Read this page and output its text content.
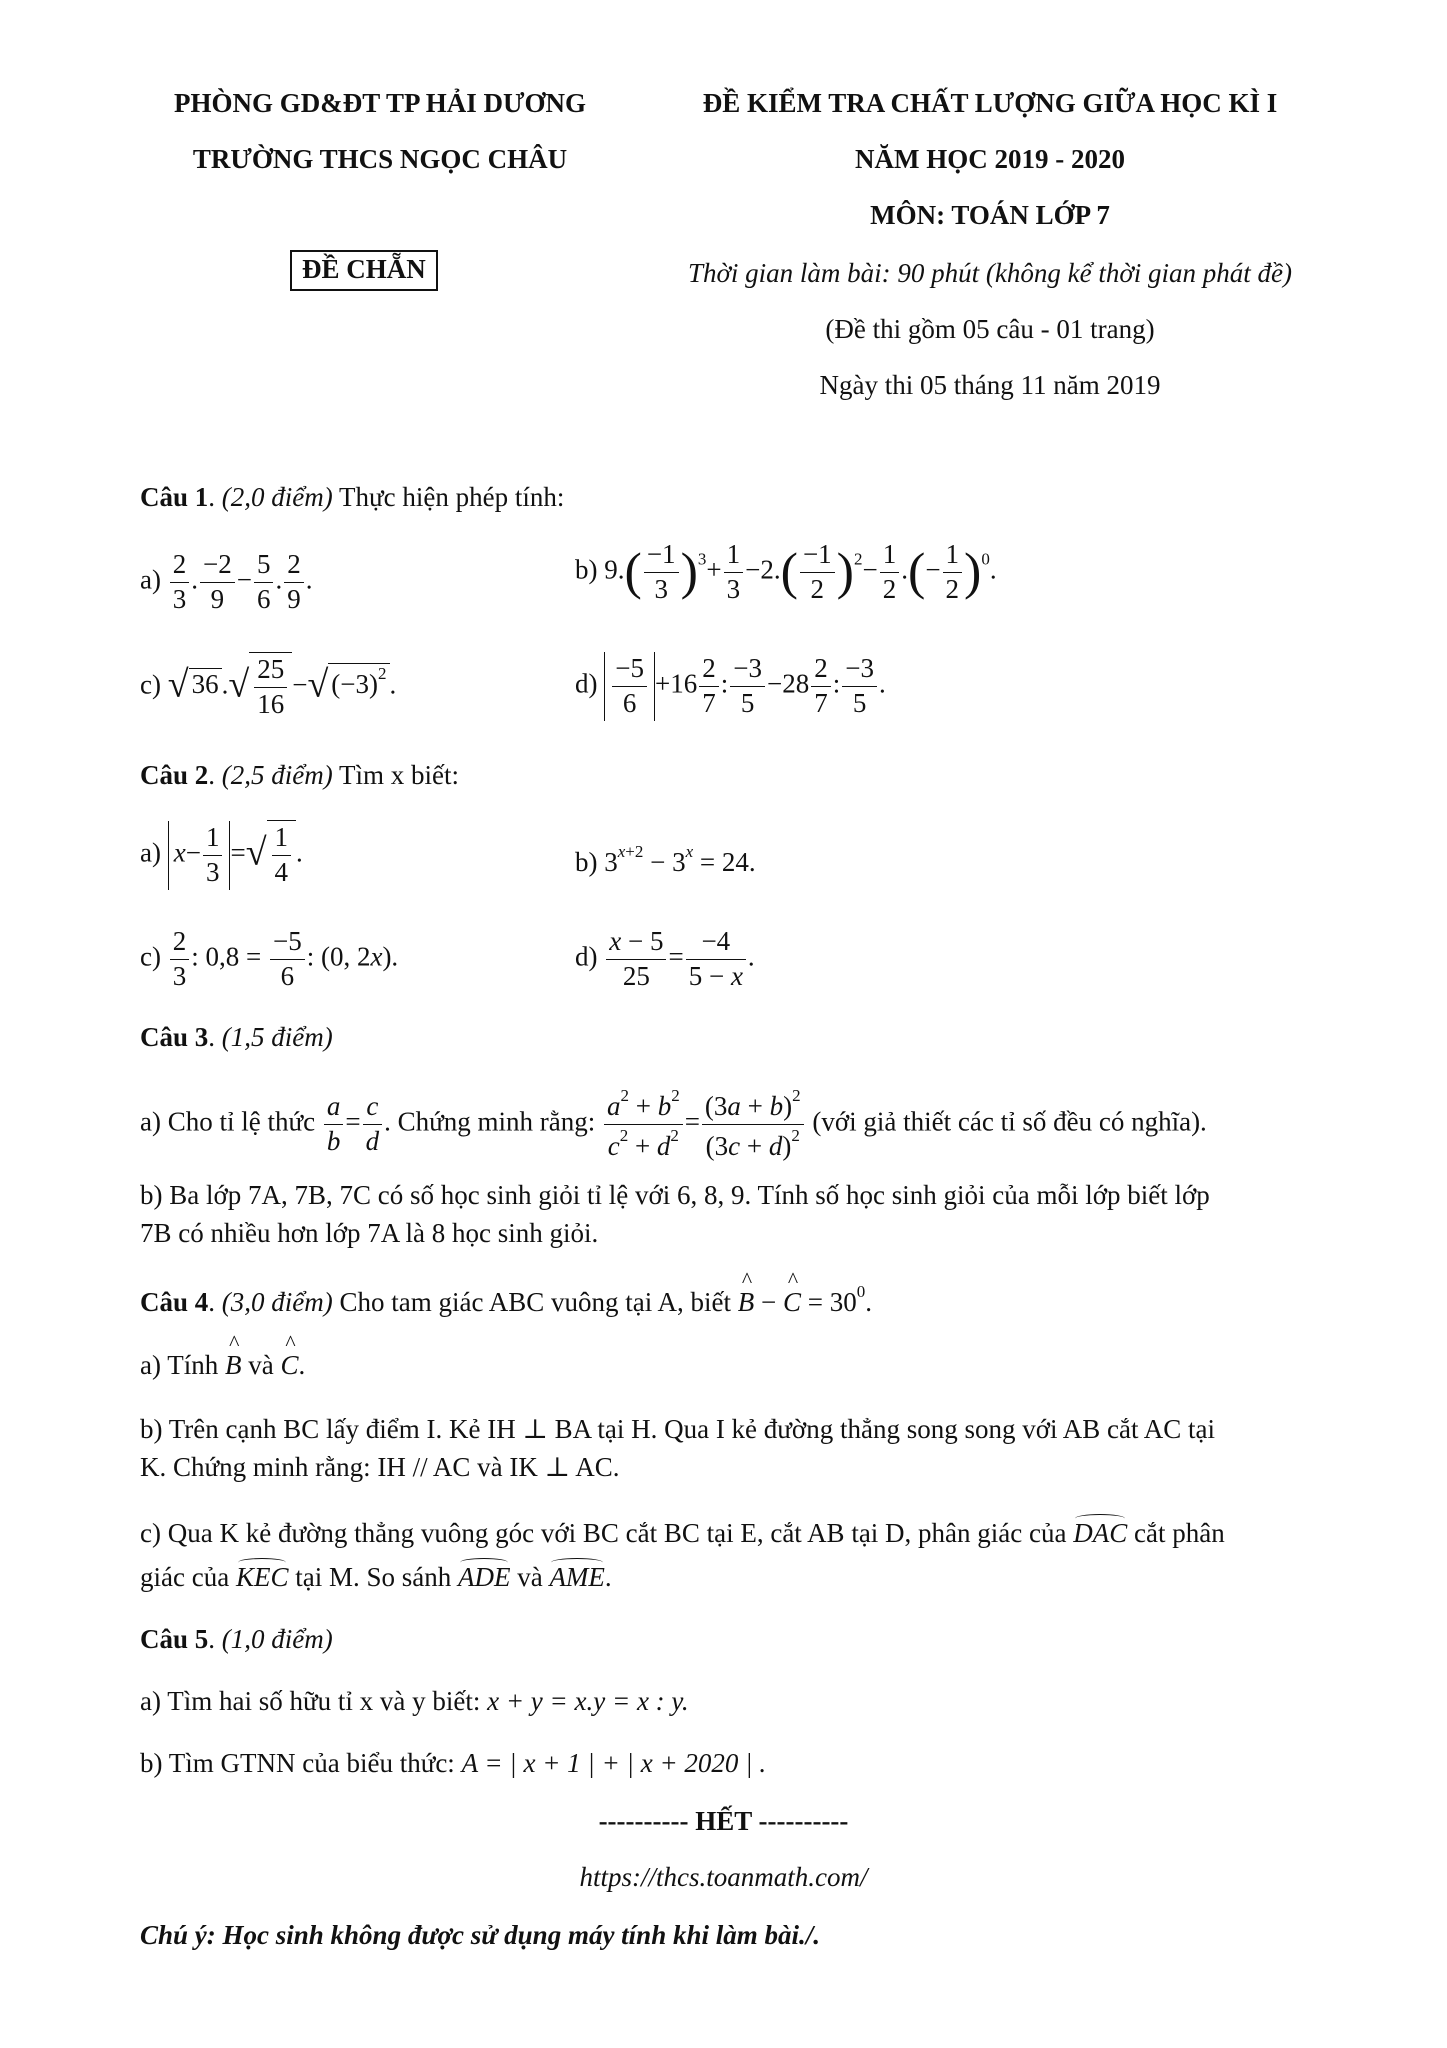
PHÒNG GD&ĐT TP HẢI DƯƠNG
TRƯỜNG THCS NGỌC CHÂU
ĐỀ KIỂM TRA CHẤT LƯỢNG GIỮA HỌC KÌ I
NĂM HỌC 2019 - 2020
MÔN: TOÁN LỚP 7
ĐỀ CHẴN	Thời gian làm bài: 90 phút (không kể thời gian phát đề)
(Đề thi gồm 05 câu - 01 trang)
Ngày thi 05 tháng 11 năm 2019
Câu 1. (2,0 điểm) Thực hiện phép tính:
$a) \frac{2}{3}$ . $\frac{-2}{9} - \frac{5}{6}$ . $\frac{2}{9}$ .	b) $9.( \frac{-1}{3} )^3+ \frac{1}{3} -2.( \frac{-1}{2} )^2- \frac{1}{2}$ .(− $\frac{1}{2} )^0$.
c) √ 36 .√ $\frac{25}{16}$ −√ $(-3)^2$ .	$d) \frac{-5}{6} +16 \frac{2}{7}$ : $\frac{-3}{5} -28 \frac{2}{7}$ : $\frac{-3}{5}$ .
Câu 2. (2,5 điểm) Tìm x biết:
a) $x- \frac{1}{3}$ =√ $\frac{1}{4}$ .	b) $3^{x+2} - 3^x = 24$.
$c) \frac{2}{3}$ : $0,8 = \frac{-5}{6}$ : (0, 2x).	$d) \frac{x - 5}{25} = \frac{-4}{5 - x}$ .
Câu 3. (1,5 điểm)
a) Cho tỉ lệ thức $\frac{a}{b} = \frac{c}{d}$ . Chứng minh rằng: $\frac{a^2 + b^2}{c^2 + d^2} = \frac{(3a + b)^2}{(3c + d)^2}$ (với giả thiết các tỉ số đều có nghĩa).
b) Ba lớp 7A, 7B, 7C có số học sinh giỏi tỉ lệ với 6, 8, 9. Tính số học sinh giỏi của mỗi lớp biết lớp
7B có nhiều hơn lớp 7A là 8 học sinh giỏi.
Câu 4. (3,0 điểm) Cho tam giác ABC vuông tại A, biết ^ B − ^ $C = 30^0$.
a) Tính ^ B và ^ C.
b) Trên cạnh BC lấy điểm I. Kẻ IH ⊥ BA tại H. Qua I kẻ đường thẳng song song với AB cắt AC tại
K. Chứng minh rằng: IH // AC và IK ⊥ AC.
c) Qua K kẻ đường thẳng vuông góc với BC cắt BC tại E, cắt AB tại D, phân giác của DAC cắt phân
giác của KEC tại M. So sánh ADE và AME.
Câu 5. (1,0 điểm)
a) Tìm hai số hữu tỉ x và y biết: x + y = x.y = x : y.
b) Tìm GTNN của biểu thức: A = | x + 1 | + | x + 2020 | .
---------- HẾT ----------
https://thcs.toanmath.com/
Chú ý: Học sinh không được sử dụng máy tính khi làm bài./.
